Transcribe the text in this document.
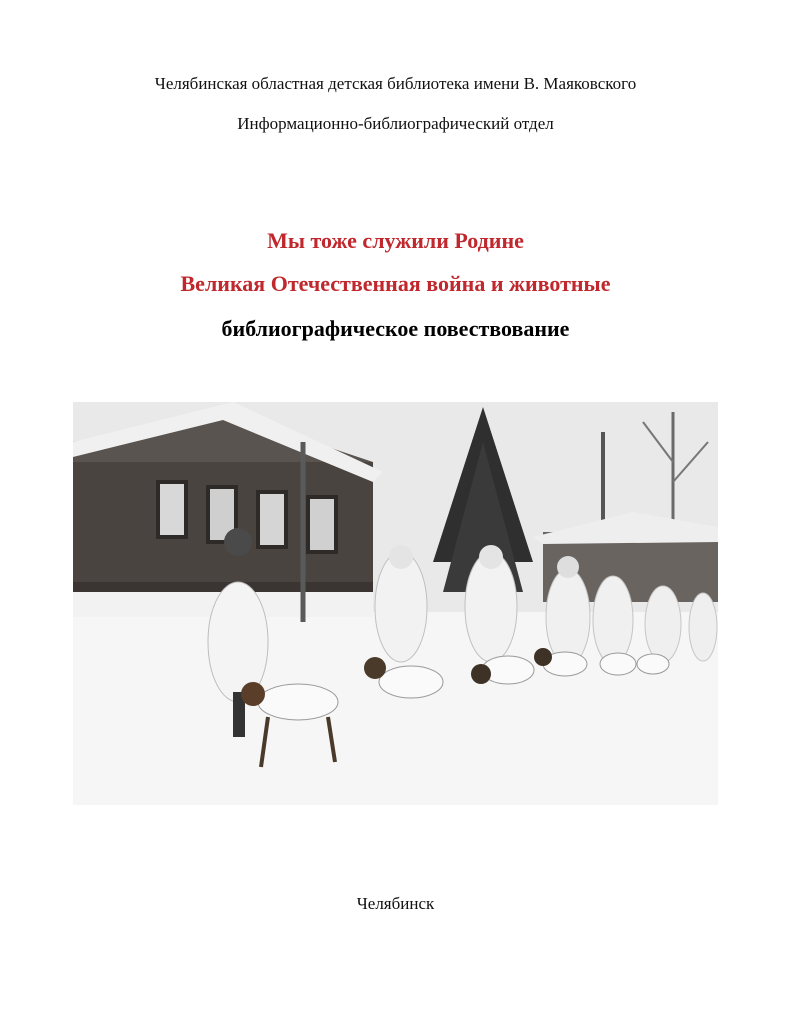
Челябинская областная детская библиотека имени В. Маяковского
Информационно-библиографический отдел
Мы тоже служили Родине
Великая Отечественная война и животные
библиографическое повествование
Челябинск
